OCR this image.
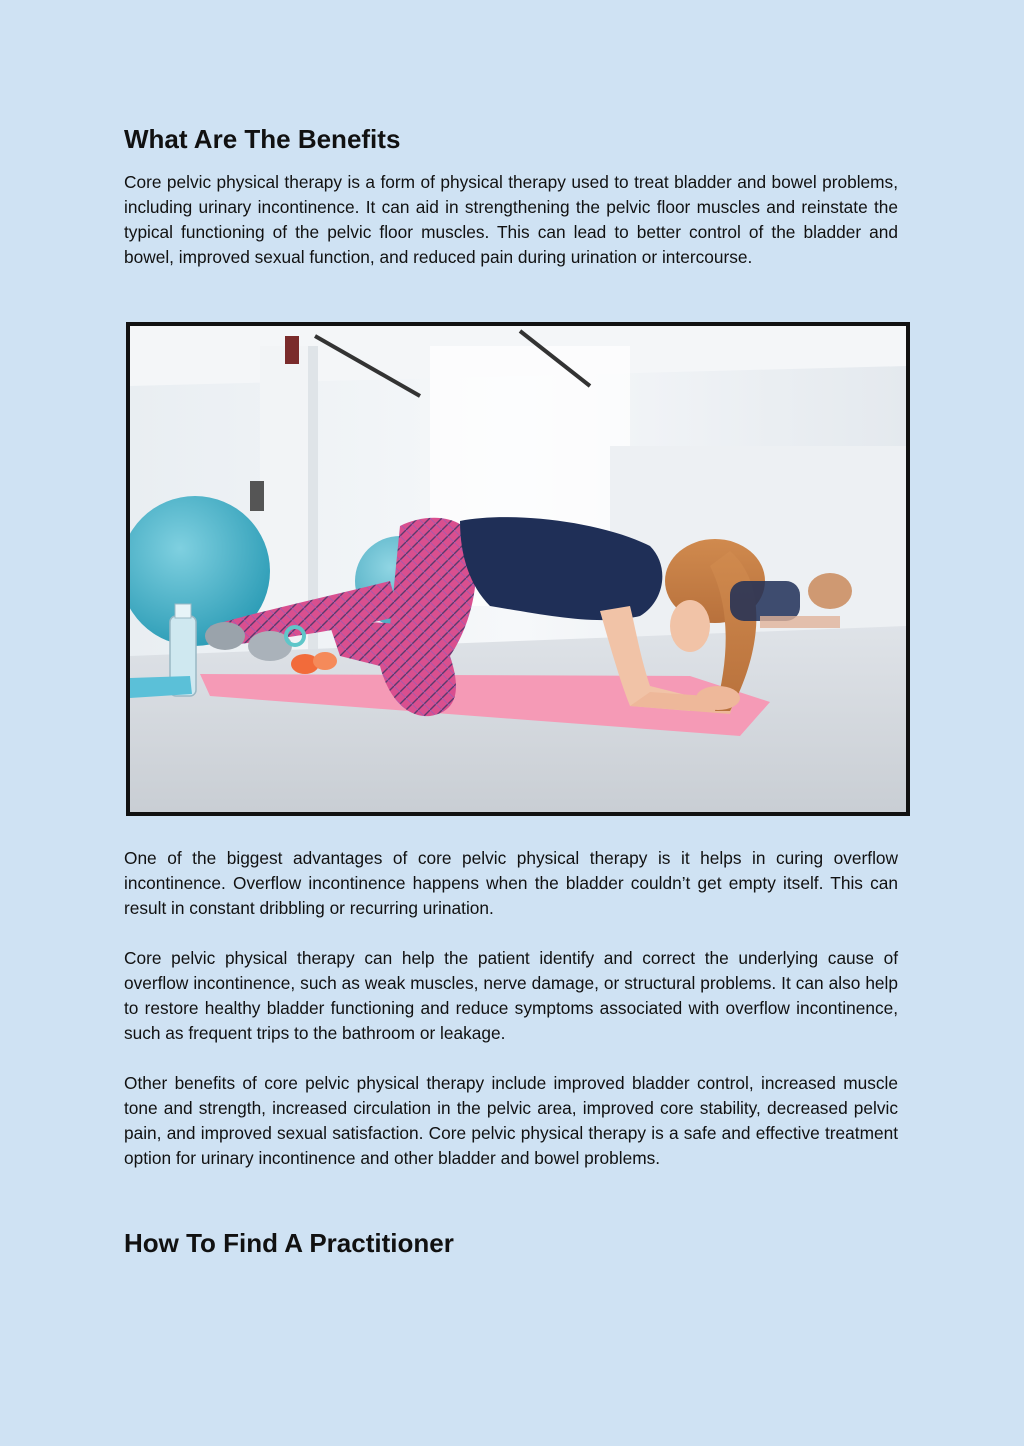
What Are The Benefits

Core pelvic physical therapy is a form of physical therapy used to treat bladder and bowel problems, including urinary incontinence. It can aid in strengthening the pelvic floor muscles and reinstate the typical functioning of the pelvic floor muscles. This can lead to better control of the bladder and bowel, improved sexual function, and reduced pain during urination or intercourse.

One of the biggest advantages of core pelvic physical therapy is it helps in curing overflow incontinence. Overflow incontinence happens when the bladder couldn’t get empty itself. This can result in constant dribbling or recurring urination.

Core pelvic physical therapy can help the patient identify and correct the underlying cause of overflow incontinence, such as weak muscles, nerve damage, or structural problems. It can also help to restore healthy bladder functioning and reduce symptoms associated with overflow incontinence, such as frequent trips to the bathroom or leakage.

Other benefits of core pelvic physical therapy include improved bladder control, increased muscle tone and strength, increased circulation in the pelvic area, improved core stability, decreased pelvic pain, and improved sexual satisfaction. Core pelvic physical therapy is a safe and effective treatment option for urinary incontinence and other bladder and bowel problems.

How To Find A Practitioner
